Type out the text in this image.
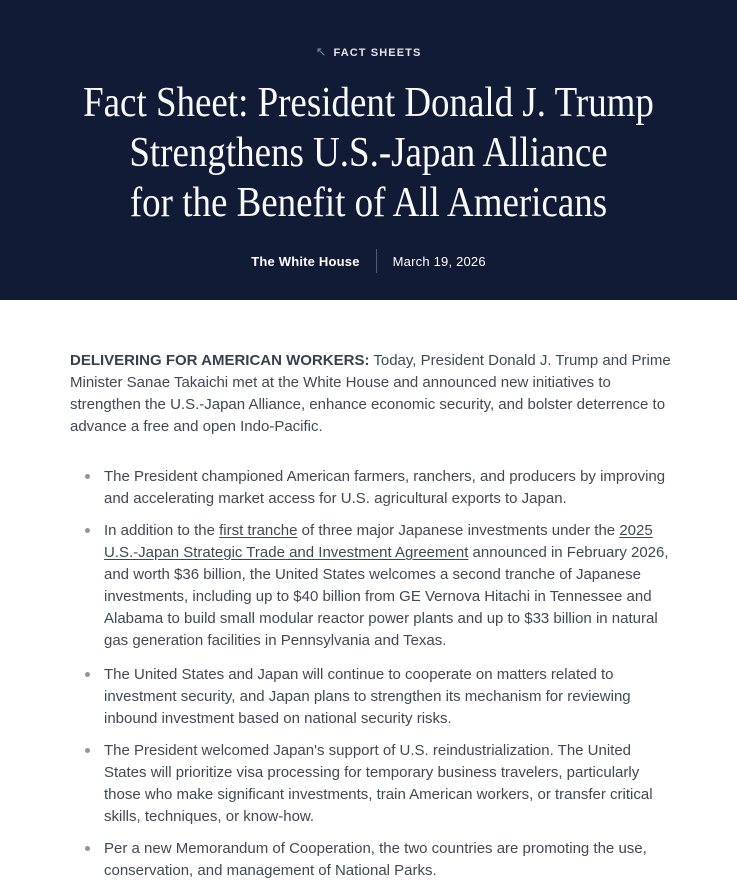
↖ FACT SHEETS
Fact Sheet: President Donald J. Trump
Strengthens U.S.-Japan Alliance
for the Benefit of All Americans
The White House	March 19, 2026

DELIVERING FOR AMERICAN WORKERS: Today, President Donald J. Trump and Prime Minister Sanae Takaichi met at the White House and announced new initiatives to strengthen the U.S.-Japan Alliance, enhance economic security, and bolster deterrence to advance a free and open Indo-Pacific.

The President championed American farmers, ranchers, and producers by improving and accelerating market access for U.S. agricultural exports to Japan.
In addition to the first tranche of three major Japanese investments under the 2025 U.S.-Japan Strategic Trade and Investment Agreement announced in February 2026, and worth $36 billion, the United States welcomes a second tranche of Japanese investments, including up to $40 billion from GE Vernova Hitachi in Tennessee and Alabama to build small modular reactor power plants and up to $33 billion in natural gas generation facilities in Pennsylvania and Texas.
The United States and Japan will continue to cooperate on matters related to investment security, and Japan plans to strengthen its mechanism for reviewing inbound investment based on national security risks.
The President welcomed Japan's support of U.S. reindustrialization. The United States will prioritize visa processing for temporary business travelers, particularly those who make significant investments, train American workers, or transfer critical skills, techniques, or know-how.
Per a new Memorandum of Cooperation, the two countries are promoting the use, conservation, and management of National Parks.
